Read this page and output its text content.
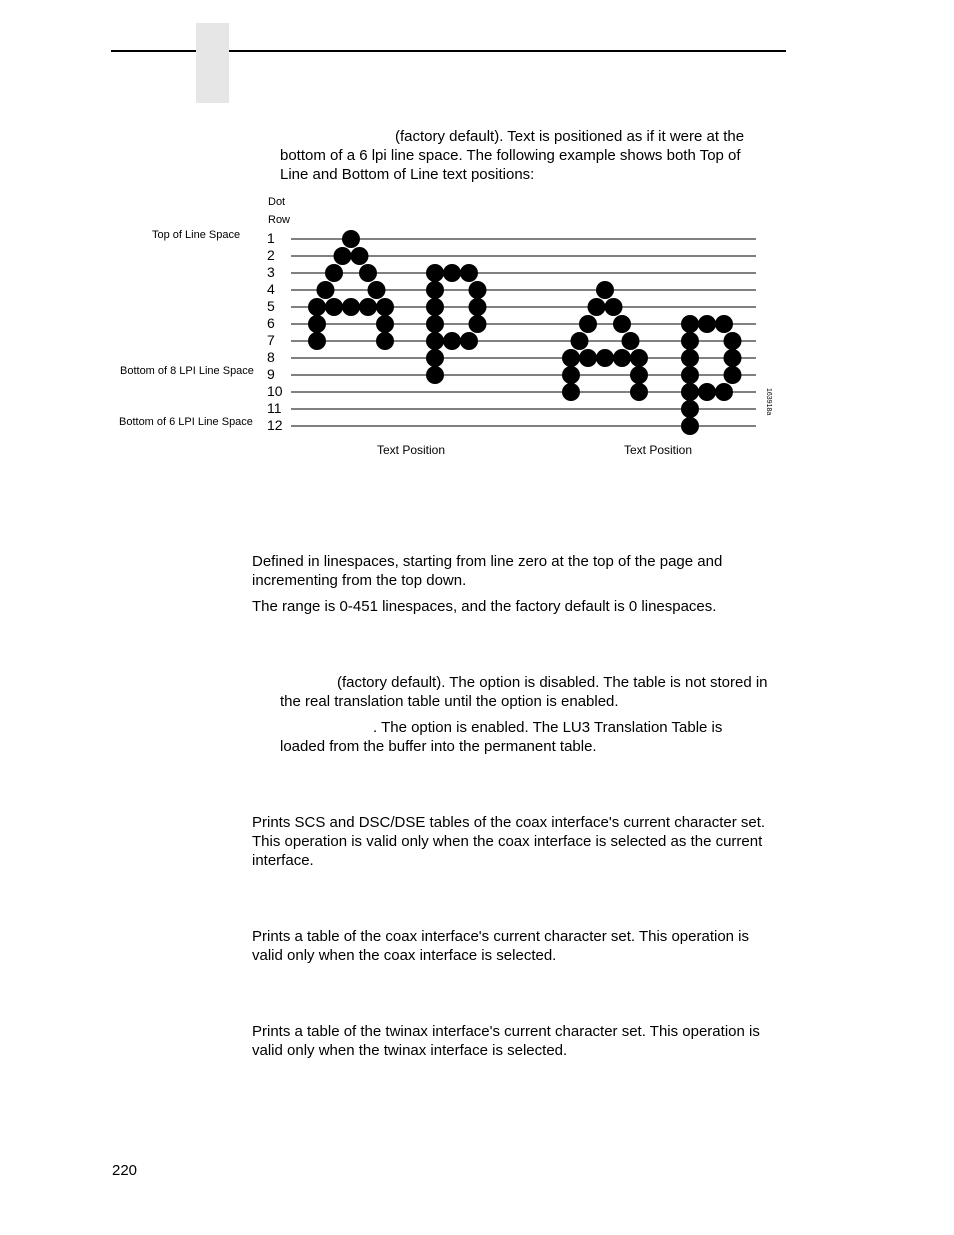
(factory default). Text is positioned as if it were at the

bottom of a 6 lpi line space. The following example shows both Top of

Line and Bottom of Line text positions:

Dot
Row
Top of Line Space
Bottom of 8 LPI Line Space
Bottom of 6 LPI Line Space
1
2
3
4
5
6
7
8
9
10
11
12
Text Position	Text Position
163918a

Defined in linespaces, starting from line zero at the top of the page and

incrementing from the top down.

The range is 0-451 linespaces, and the factory default is 0 linespaces.

(factory default). The option is disabled. The table is not stored in

the real translation table until the option is enabled.

. The option is enabled. The LU3 Translation Table is

loaded from the buffer into the permanent table.

Prints SCS and DSC/DSE tables of the coax interface's current character set.

This operation is valid only when the coax interface is selected as the current

interface.

Prints a table of the coax interface's current character set. This operation is

valid only when the coax interface is selected.

Prints a table of the twinax interface's current character set. This operation is

valid only when the twinax interface is selected.

220
